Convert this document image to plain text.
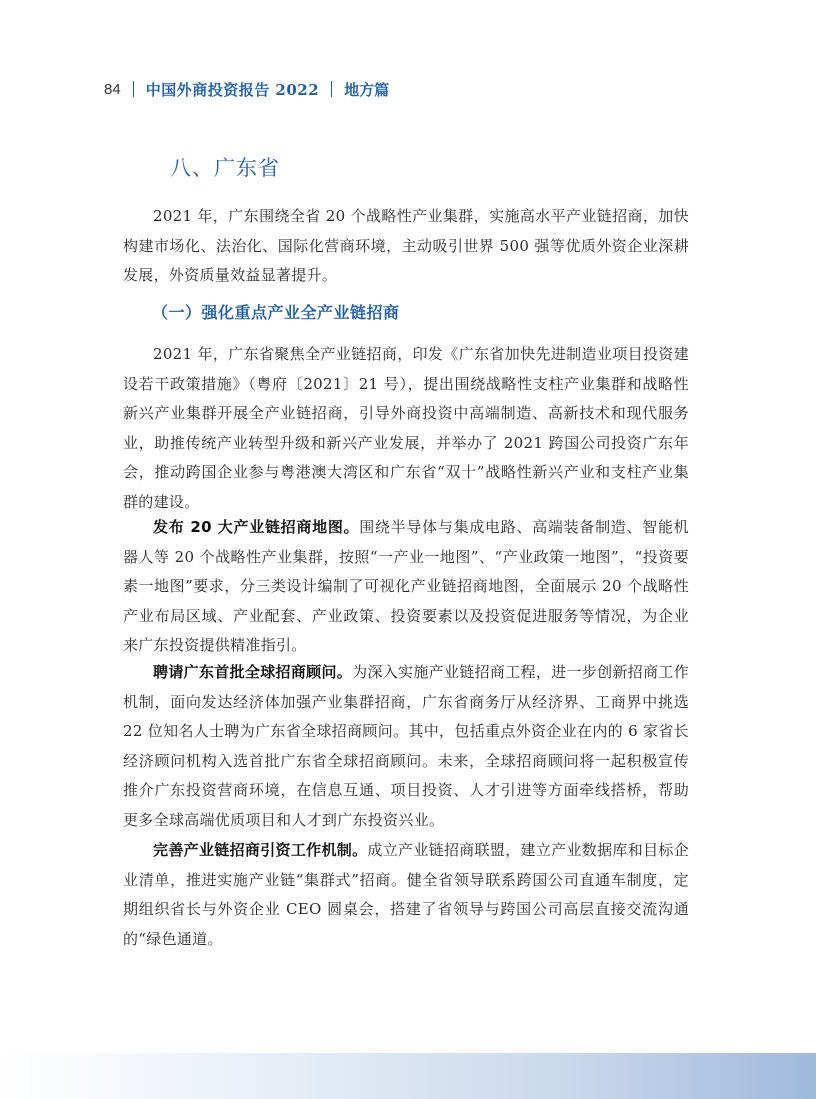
84 中国外商投资报告 2022 地方篇
八、广东省

2021 年，广东围绕全省 20 个战略性产业集群，实施高水平产业链招商，加快构建市场化、法治化、国际化营商环境，主动吸引世界 500 强等优质外资企业深耕发展，外资质量效益显著提升。

（一）强化重点产业全产业链招商

2021 年，广东省聚焦全产业链招商，印发《广东省加快先进制造业项目投资建设若干政策措施》（粤府〔2021〕21 号），提出围绕战略性支柱产业集群和战略性新兴产业集群开展全产业链招商，引导外商投资中高端制造、高新技术和现代服务业，助推传统产业转型升级和新兴产业发展，并举办了 2021 跨国公司投资广东年会，推动跨国企业参与粤港澳大湾区和广东省“双十”战略性新兴产业和支柱产业集群的建设。

发布 20 大产业链招商地图。围绕半导体与集成电路、高端装备制造、智能机器人等 20 个战略性产业集群，按照“一产业一地图”、“产业政策一地图”，“投资要素一地图”要求，分三类设计编制了可视化产业链招商地图，全面展示 20 个战略性产业布局区域、产业配套、产业政策、投资要素以及投资促进服务等情况，为企业来广东投资提供精准指引。

聘请广东首批全球招商顾问。为深入实施产业链招商工程，进一步创新招商工作机制，面向发达经济体加强产业集群招商，广东省商务厅从经济界、工商界中挑选 22 位知名人士聘为广东省全球招商顾问。其中，包括重点外资企业在内的 6 家省长经济顾问机构入选首批广东省全球招商顾问。未来，全球招商顾问将一起积极宣传推介广东投资营商环境，在信息互通、项目投资、人才引进等方面牵线搭桥，帮助更多全球高端优质项目和人才到广东投资兴业。

完善产业链招商引资工作机制。成立产业链招商联盟，建立产业数据库和目标企业清单，推进实施产业链“集群式”招商。健全省领导联系跨国公司直通车制度，定期组织省长与外资企业 CEO 圆桌会，搭建了省领导与跨国公司高层直接交流沟通的“绿色通道。
